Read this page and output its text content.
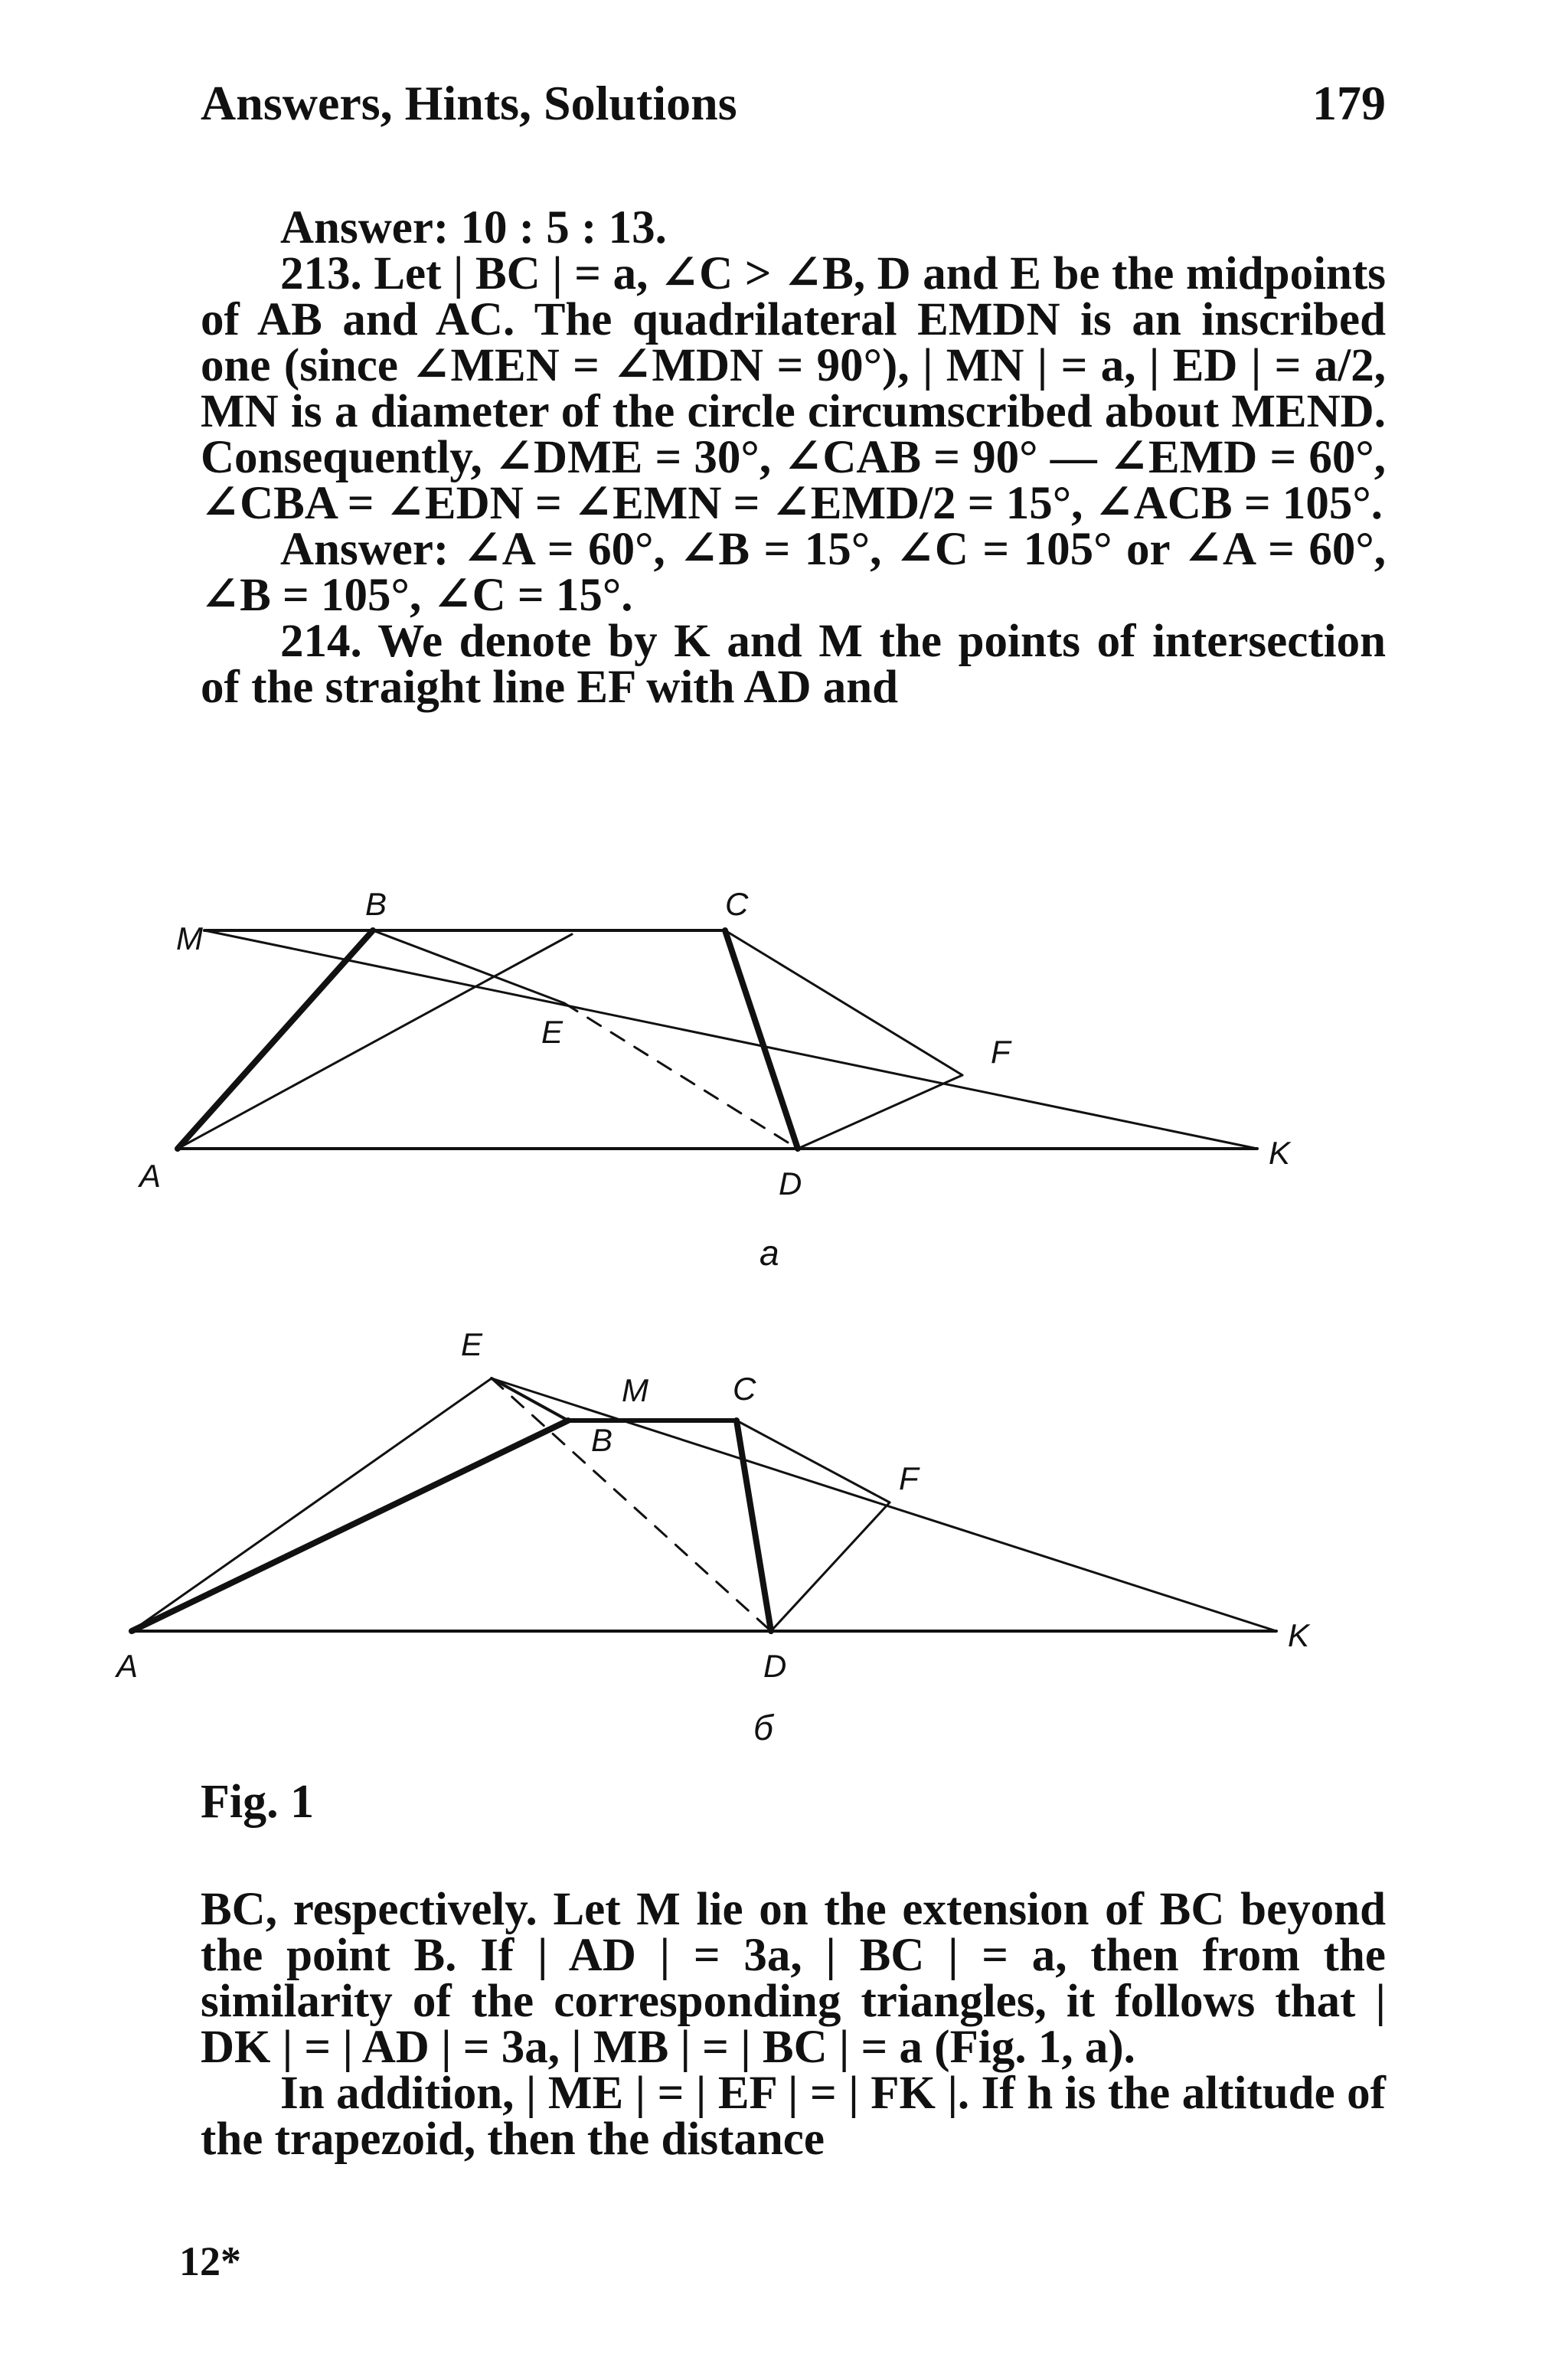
Answers, Hints, Solutions	179

Answer: 10 : 5 : 13.

213. Let | BC | = a, ∠C > ∠B, D and E be the midpoints of AB and AC. The quadrilateral EMDN is an inscribed one (since ∠MEN = ∠MDN = 90°), | MN | = a, | ED | = a/2, MN is a diameter of the circle circumscribed about MEND. Consequently, ∠DME = 30°, ∠CAB = 90° — ∠EMD = 60°, ∠CBA = ∠EDN = ∠EMN = ∠EMD/2 = 15°, ∠ACB = 105°.

Answer: ∠A = 60°, ∠B = 15°, ∠C = 105° or ∠A = 60°, ∠B = 105°, ∠C = 15°.

214. We denote by K and M the points of intersection of the straight line EF with AD and

M
B	C
E
F
A	D
K
a
E
M	C
B
F
A	D
K
б
Fig. 1

BC, respectively. Let M lie on the extension of BC beyond the point B. If | AD | = 3a, | BC | = a, then from the similarity of the corresponding triangles, it follows that | DK | = | AD | = 3a, | MB | = | BC | = a (Fig. 1, a).

In addition, | ME | = | EF | = | FK |. If h is the altitude of the trapezoid, then the distance

12*
